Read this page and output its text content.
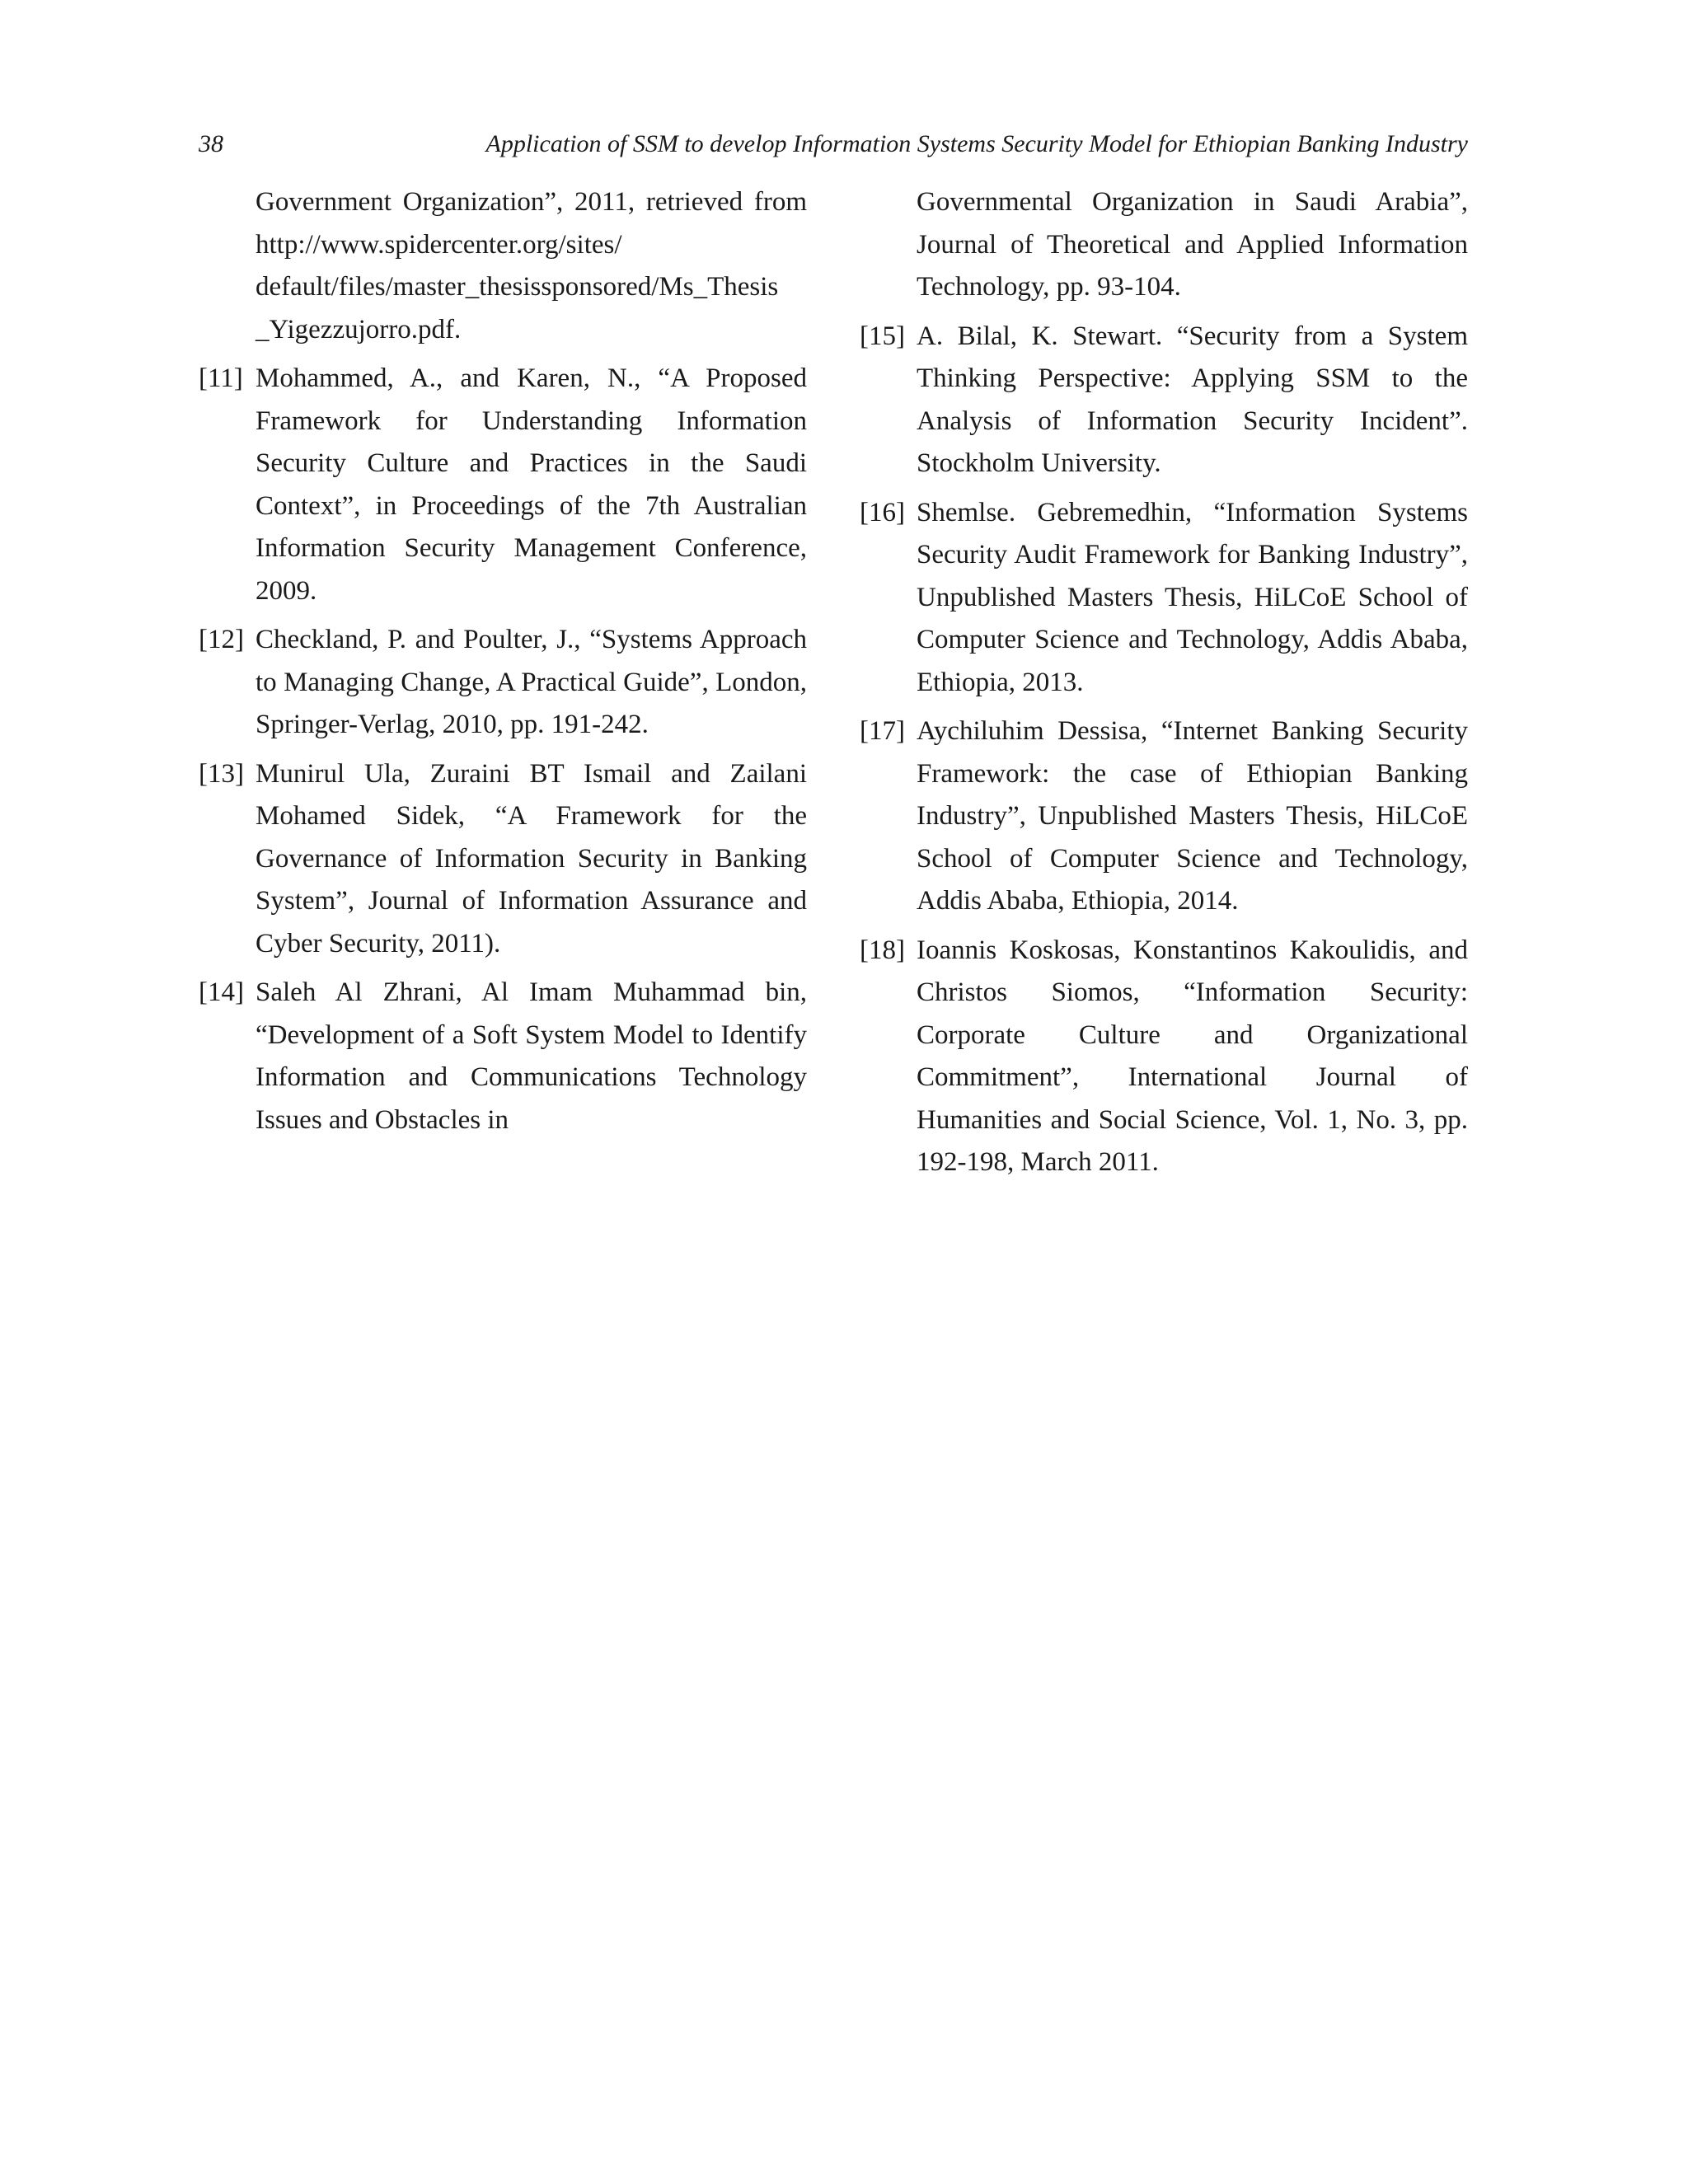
38	Application of SSM to develop Information Systems Security Model for Ethiopian Banking Industry
Government Organization”, 2011, retrieved from http://www.spidercenter.org/sites/ default/files/master_thesissponsored/Ms_Thesis _Yigezzujorro.pdf.
[11] Mohammed, A., and Karen, N., “A Proposed Framework for Understanding Information Security Culture and Practices in the Saudi Context”, in Proceedings of the 7th Australian Information Security Management Conference, 2009.
[12] Checkland, P. and Poulter, J., “Systems Approach to Managing Change, A Practical Guide”, London, Springer-Verlag, 2010, pp. 191-242.
[13] Munirul Ula, Zuraini BT Ismail and Zailani Mohamed Sidek, “A Framework for the Governance of Information Security in Banking System”, Journal of Information Assurance and Cyber Security, 2011).
[14] Saleh Al Zhrani, Al Imam Muhammad bin, “Development of a Soft System Model to Identify Information and Communications Technology Issues and Obstacles in
Governmental Organization in Saudi Arabia”, Journal of Theoretical and Applied Information Technology, pp. 93-104.
[15] A. Bilal, K. Stewart. “Security from a System Thinking Perspective: Applying SSM to the Analysis of Information Security Incident”. Stockholm University.
[16] Shemlse. Gebremedhin, “Information Systems Security Audit Framework for Banking Industry”, Unpublished Masters Thesis, HiLCoE School of Computer Science and Technology, Addis Ababa, Ethiopia, 2013.
[17] Aychiluhim Dessisa, “Internet Banking Security Framework: the case of Ethiopian Banking Industry”, Unpublished Masters Thesis, HiLCoE School of Computer Science and Technology, Addis Ababa, Ethiopia, 2014.
[18] Ioannis Koskosas, Konstantinos Kakoulidis, and Christos Siomos, “Information Security: Corporate Culture and Organizational Commitment”, International Journal of Humanities and Social Science, Vol. 1, No. 3, pp. 192-198, March 2011.
